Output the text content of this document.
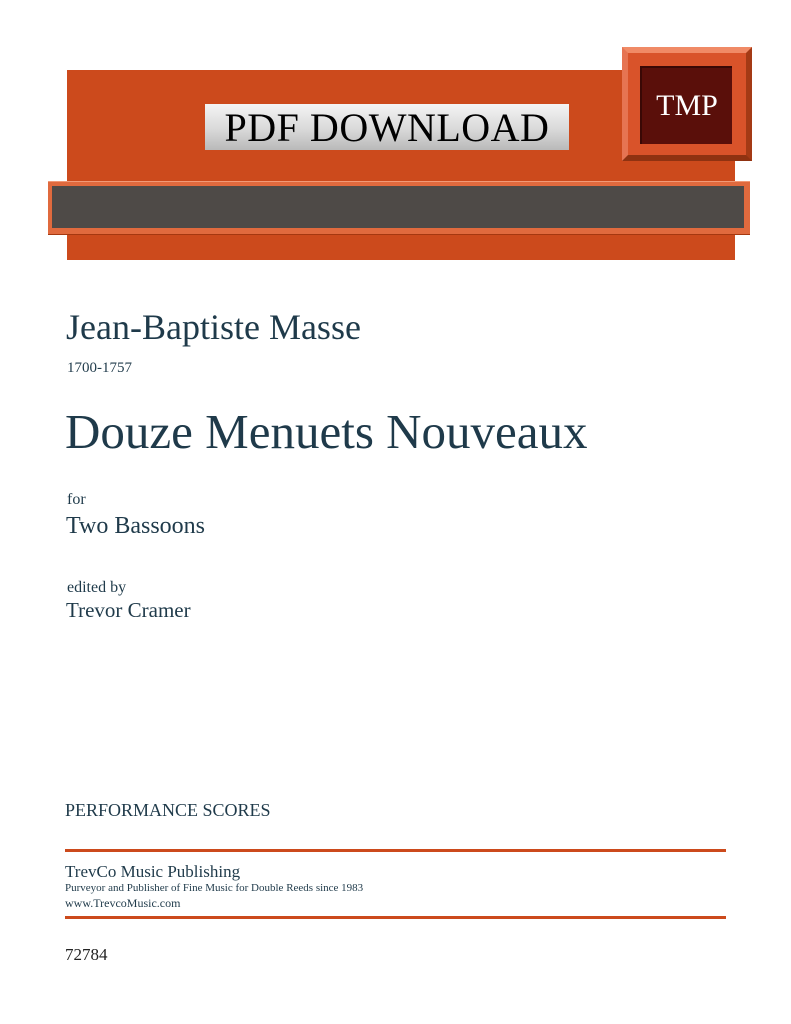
PDF DOWNLOAD	TMP
Jean-Baptiste Masse
1700-1757
Douze Menuets Nouveaux
for
Two Bassoons
edited by
Trevor Cramer
PERFORMANCE SCORES
TrevCo Music Publishing
Purveyor and Publisher of Fine Music for Double Reeds since 1983
www.TrevcoMusic.com
72784
